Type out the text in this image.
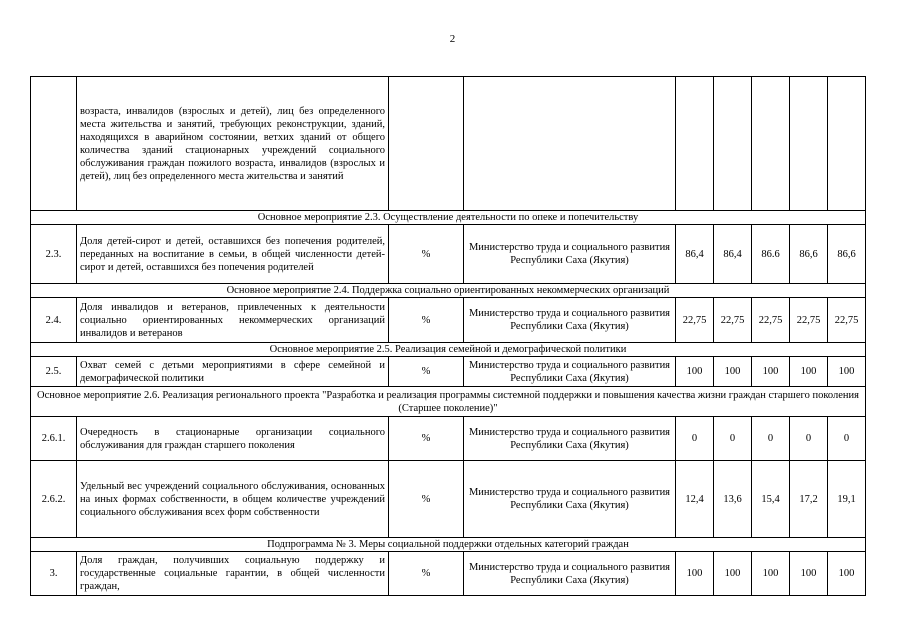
2
	возраста, инвалидов (взрослых и детей), лиц без определенного места жительства и занятий, требующих реконструкции, зданий, находящихся в аварийном состоянии, ветхих зданий от общего количества зданий стационарных учреждений социального обслуживания граждан пожилого возраста, инвалидов (взрослых и детей), лиц без определенного места жительства и занятий							
Основное мероприятие 2.3. Осуществление деятельности по опеке и попечительству								
2.3.	Доля детей-сирот и детей, оставшихся без попечения родителей, переданных на воспитание в семьи, в общей численности детей-сирот и детей, оставшихся без попечения родителей	%	Министерство труда и социального развития Республики Саха (Якутия)	86,4	86,4	86.6	86,6	86,6
Основное мероприятие 2.4. Поддержка социально ориентированных некоммерческих организаций								
2.4.	Доля инвалидов и ветеранов, привлеченных к деятельности социально ориентированных некоммерческих организаций инвалидов и ветеранов	%	Министерство труда и социального развития Республики Саха (Якутия)	22,75	22,75	22,75	22,75	22,75
Основное мероприятие 2.5. Реализация семейной и демографической политики								
2.5.	Охват семей с детьми мероприятиями в сфере семейной и демографической политики	%	Министерство труда и социального развития Республики Саха (Якутия)	100	100	100	100	100
Основное мероприятие 2.6. Реализация регионального проекта "Разработка и реализация программы системной поддержки и повышения качества жизни граждан старшего поколения (Старшее поколение)"								
2.6.1.	Очередность в стационарные организации социального обслуживания для граждан старшего поколения	%	Министерство труда и социального развития Республики Саха (Якутия)	0	0	0	0	0
2.6.2.	Удельный вес учреждений социального обслуживания, основанных на иных формах собственности, в общем количестве учреждений социального обслуживания всех форм собственности	%	Министерство труда и социального развития Республики Саха (Якутия)	12,4	13,6	15,4	17,2	19,1
Подпрограмма № 3. Меры социальной поддержки отдельных категорий граждан								
3.	Доля граждан, получивших социальную поддержку и государственные социальные гарантии, в общей численности граждан,	%	Министерство труда и социального развития Республики Саха (Якутия)	100	100	100	100	100
